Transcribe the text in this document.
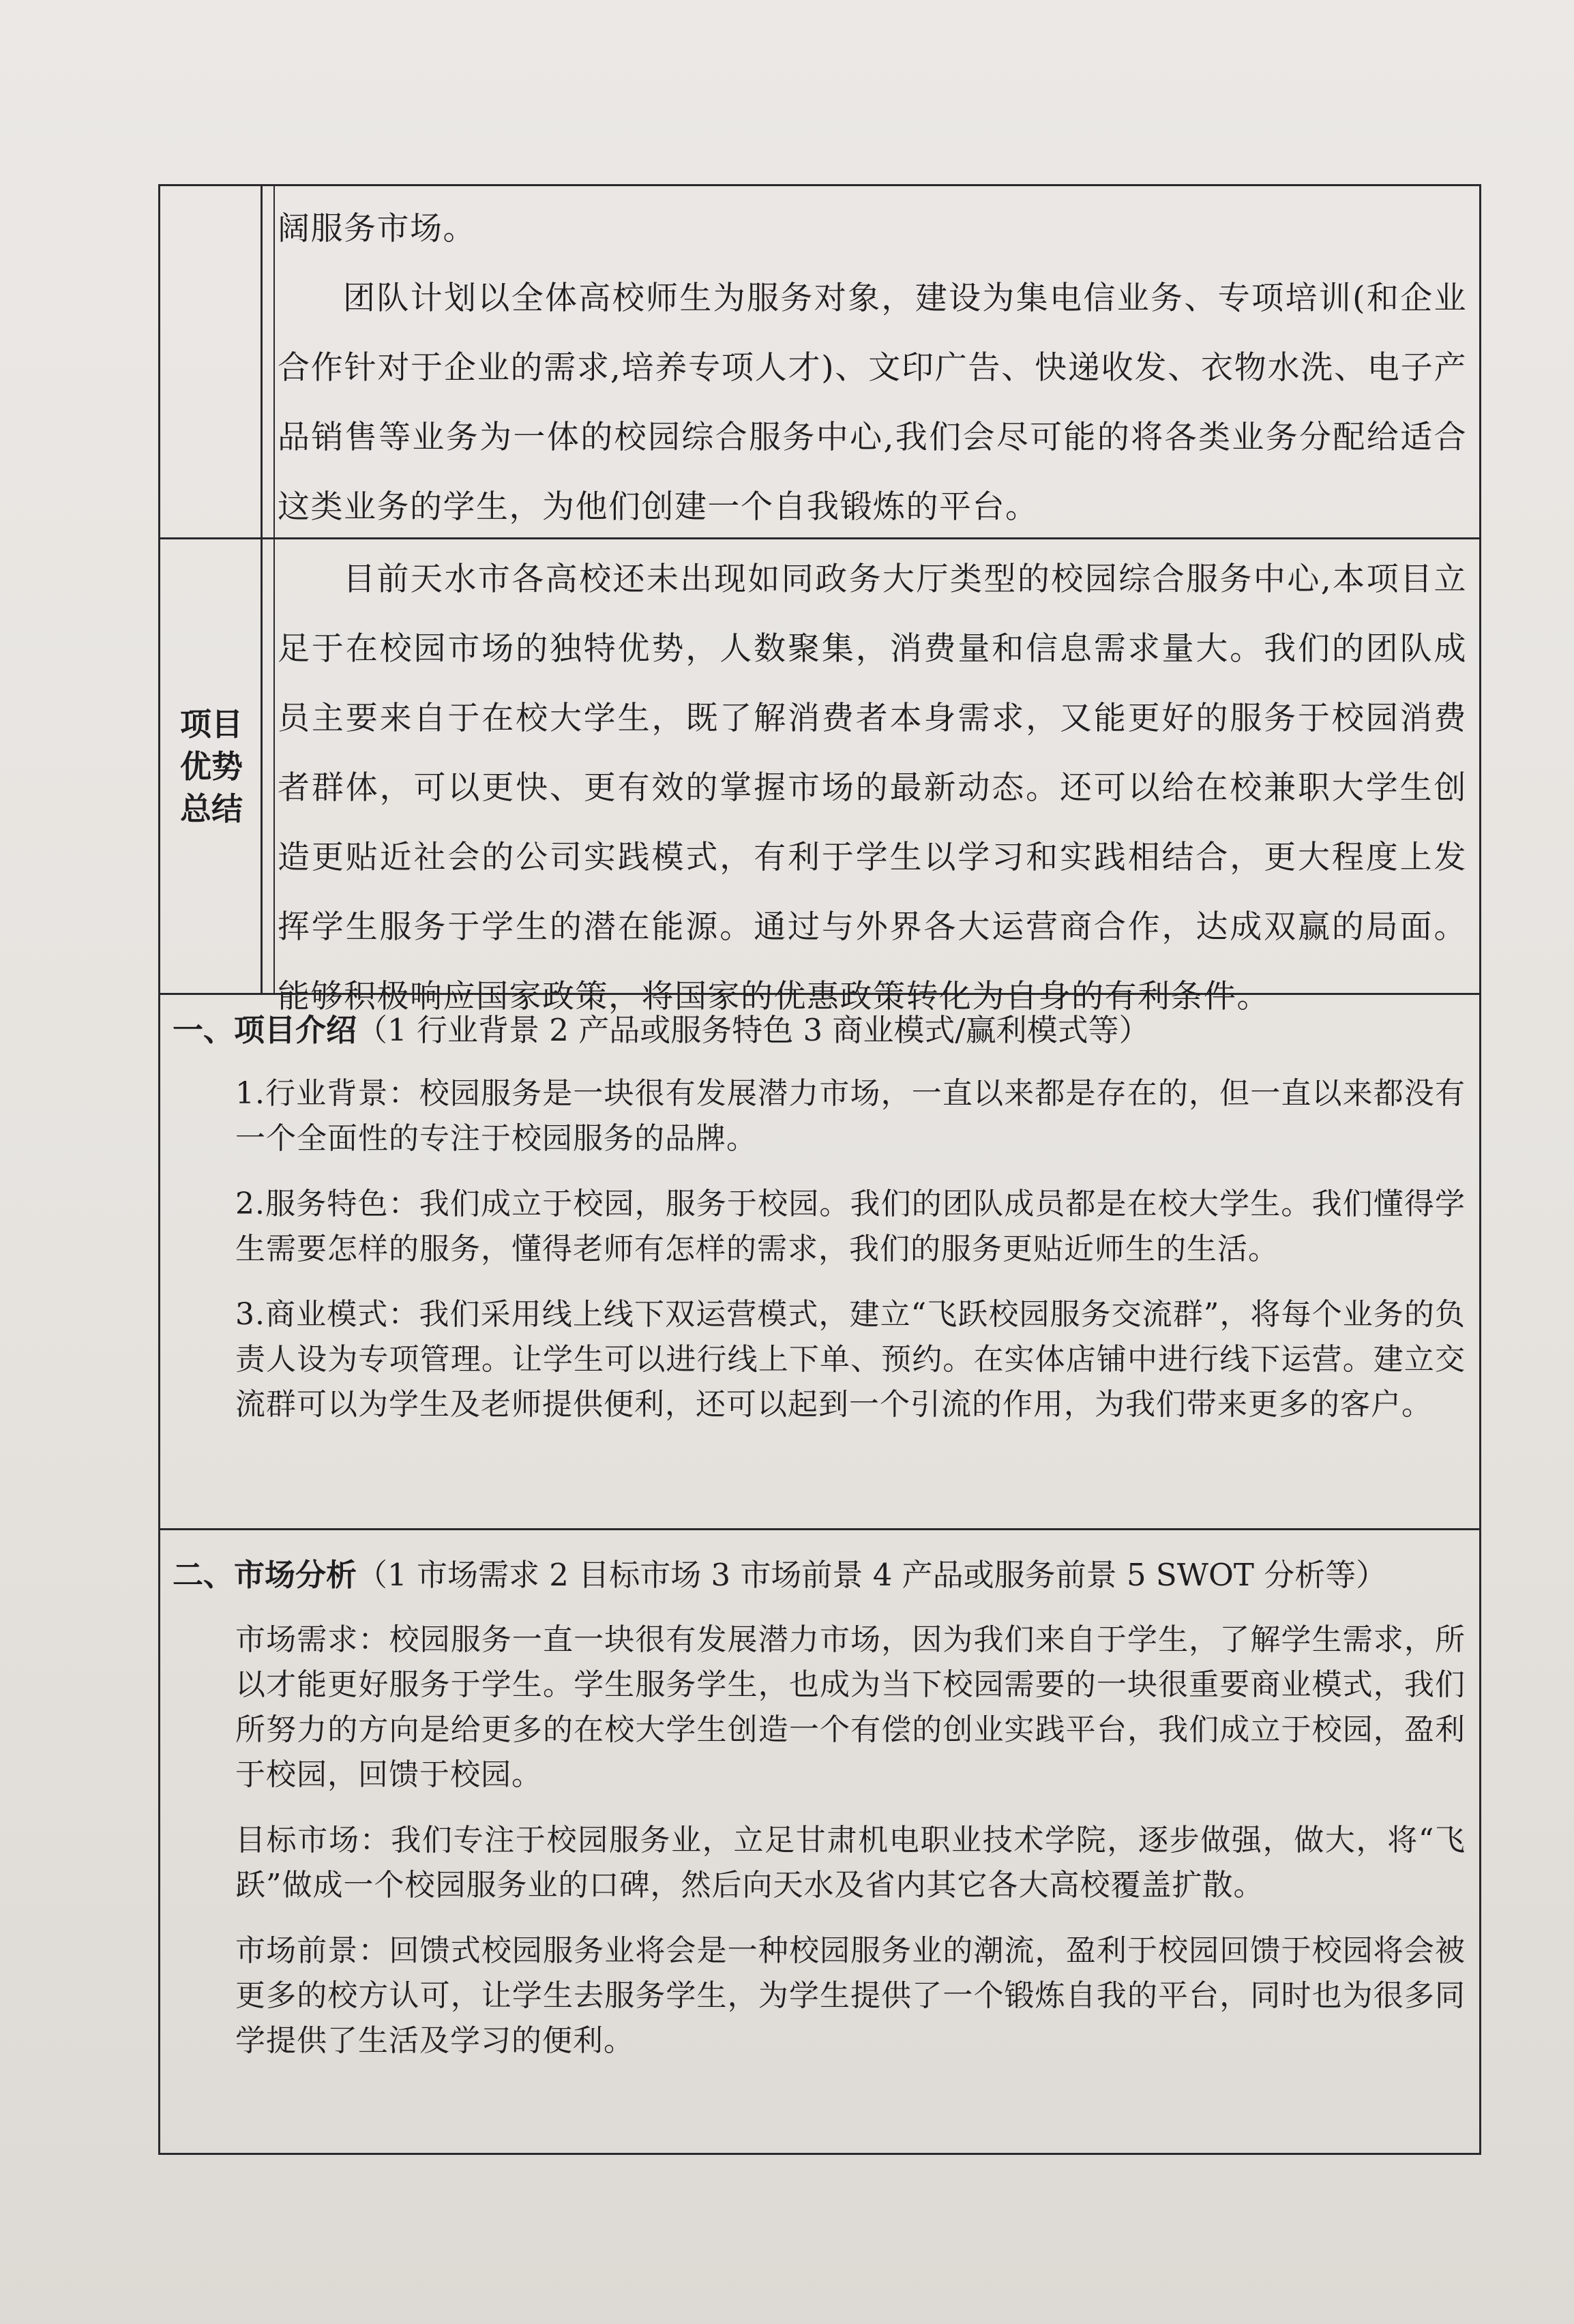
阔服务市场。

团队计划以全体高校师生为服务对象，建设为集电信业务、专项培训(和企业合作针对于企业的需求,培养专项人才)、文印广告、快递收发、衣物水洗、电子产品销售等业务为一体的校园综合服务中心,我们会尽可能的将各类业务分配给适合这类业务的学生，为他们创建一个自我锻炼的平台。

项目
优势
总结

目前天水市各高校还未出现如同政务大厅类型的校园综合服务中心,本项目立足于在校园市场的独特优势，人数聚集，消费量和信息需求量大。我们的团队成员主要来自于在校大学生，既了解消费者本身需求，又能更好的服务于校园消费者群体，可以更快、更有效的掌握市场的最新动态。还可以给在校兼职大学生创造更贴近社会的公司实践模式，有利于学生以学习和实践相结合，更大程度上发挥学生服务于学生的潜在能源。通过与外界各大运营商合作，达成双赢的局面。能够积极响应国家政策，将国家的优惠政策转化为自身的有利条件。

一、项目介绍（1 行业背景 2 产品或服务特色 3 商业模式/赢利模式等）

1.行业背景：校园服务是一块很有发展潜力市场，一直以来都是存在的，但一直以来都没有一个全面性的专注于校园服务的品牌。

2.服务特色：我们成立于校园，服务于校园。我们的团队成员都是在校大学生。我们懂得学生需要怎样的服务，懂得老师有怎样的需求，我们的服务更贴近师生的生活。

3.商业模式：我们采用线上线下双运营模式，建立“飞跃校园服务交流群”，将每个业务的负责人设为专项管理。让学生可以进行线上下单、预约。在实体店铺中进行线下运营。建立交流群可以为学生及老师提供便利，还可以起到一个引流的作用，为我们带来更多的客户。

二、市场分析（1 市场需求 2 目标市场 3 市场前景 4 产品或服务前景 5 SWOT 分析等）

市场需求：校园服务一直一块很有发展潜力市场，因为我们来自于学生，了解学生需求，所以才能更好服务于学生。学生服务学生，也成为当下校园需要的一块很重要商业模式，我们所努力的方向是给更多的在校大学生创造一个有偿的创业实践平台，我们成立于校园，盈利于校园，回馈于校园。

目标市场：我们专注于校园服务业，立足甘肃机电职业技术学院，逐步做强，做大，将“飞跃”做成一个校园服务业的口碑，然后向天水及省内其它各大高校覆盖扩散。

市场前景：回馈式校园服务业将会是一种校园服务业的潮流，盈利于校园回馈于校园将会被更多的校方认可，让学生去服务学生，为学生提供了一个锻炼自我的平台，同时也为很多同学提供了生活及学习的便利。
